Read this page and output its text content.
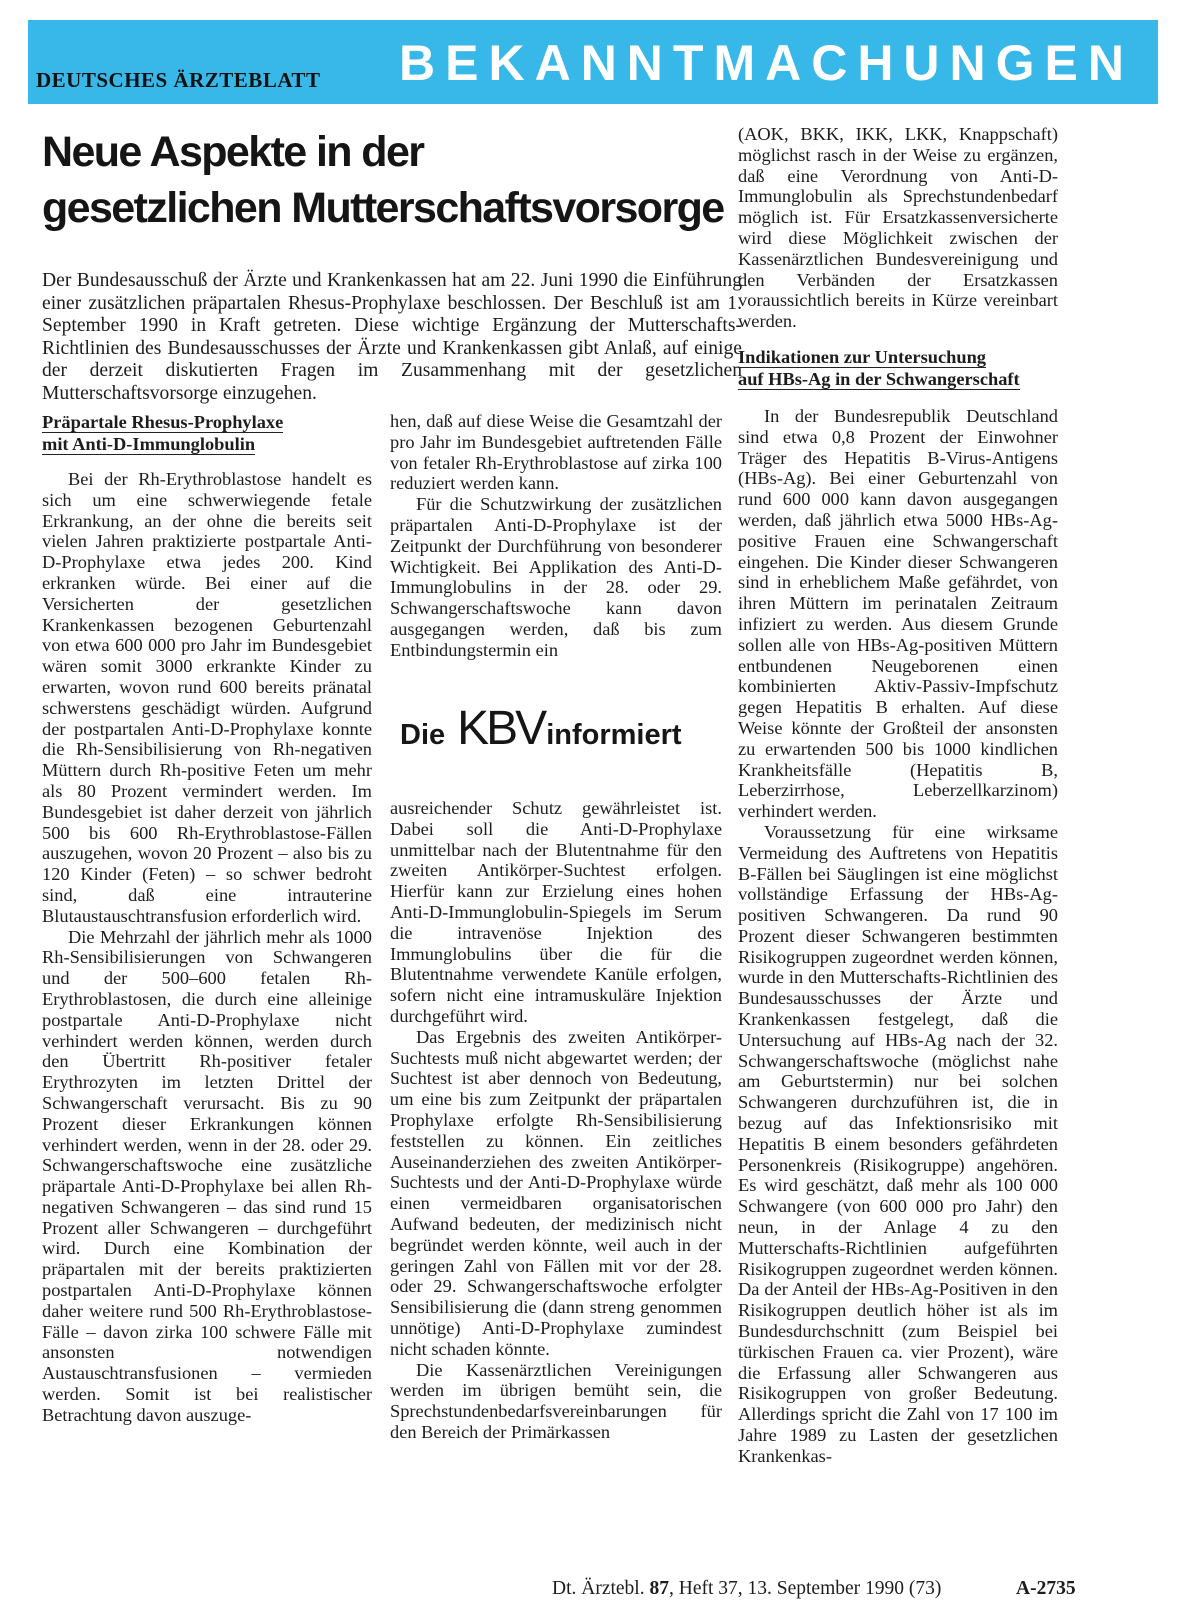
DEUTSCHES ÄRZTEBLATT BEKANNTMACHUNGEN
Neue Aspekte in der
gesetzlichen Mutterschaftsvorsorge

Der Bundesausschuß der Ärzte und Krankenkassen hat am 22. Juni 1990 die Einführung einer zusätzlichen präpartalen Rhesus-Prophylaxe beschlossen. Der Beschluß ist am 1. September 1990 in Kraft getreten. Diese wichtige Ergänzung der Mutterschafts-Richtlinien des Bundesausschusses der Ärzte und Krankenkassen gibt Anlaß, auf einige der derzeit diskutierten Fragen im Zusammenhang mit der gesetzlichen Mutterschaftsvorsorge einzugehen.

Präpartale Rhesus-Prophylaxe
mit Anti-D-Immunglobulin

Bei der Rh-Erythroblastose handelt es sich um eine schwerwiegende fetale Erkrankung, an der ohne die bereits seit vielen Jahren praktizierte postpartale Anti-D-Prophylaxe etwa jedes 200. Kind erkranken würde. Bei einer auf die Versicherten der gesetzlichen Krankenkassen bezogenen Geburtenzahl von etwa 600 000 pro Jahr im Bundesgebiet wären somit 3000 erkrankte Kinder zu erwarten, wovon rund 600 bereits pränatal schwerstens geschädigt würden. Aufgrund der postpartalen Anti-D-Prophylaxe konnte die Rh-Sensibilisierung von Rh-negativen Müttern durch Rh-positive Feten um mehr als 80 Prozent vermindert werden. Im Bundesgebiet ist daher derzeit von jährlich 500 bis 600 Rh-Erythroblastose-Fällen auszugehen, wovon 20 Prozent – also bis zu 120 Kinder (Feten) – so schwer bedroht sind, daß eine intrauterine Blutaustauschtransfusion erforderlich wird.

Die Mehrzahl der jährlich mehr als 1000 Rh-Sensibilisierungen von Schwangeren und der 500–600 fetalen Rh-Erythroblastosen, die durch eine alleinige postpartale Anti-D-Prophylaxe nicht verhindert werden können, werden durch den Übertritt Rh-positiver fetaler Erythrozyten im letzten Drittel der Schwangerschaft verursacht. Bis zu 90 Prozent dieser Erkrankungen können verhindert werden, wenn in der 28. oder 29. Schwangerschaftswoche eine zusätzliche präpartale Anti-D-Prophylaxe bei allen Rh-negativen Schwangeren – das sind rund 15 Prozent aller Schwangeren – durchgeführt wird. Durch eine Kombination der präpartalen mit der bereits praktizierten postpartalen Anti-D-Prophylaxe können daher weitere rund 500 Rh-Erythroblastose-Fälle – davon zirka 100 schwere Fälle mit ansonsten notwendigen Austauschtransfusionen – vermieden werden. Somit ist bei realistischer Betrachtung davon auszuge-

hen, daß auf diese Weise die Gesamtzahl der pro Jahr im Bundesgebiet auftretenden Fälle von fetaler Rh-Erythroblastose auf zirka 100 reduziert werden kann.

Für die Schutzwirkung der zusätzlichen präpartalen Anti-D-Prophylaxe ist der Zeitpunkt der Durchführung von besonderer Wichtigkeit. Bei Applikation des Anti-D-Immunglobulins in der 28. oder 29. Schwangerschaftswoche kann davon ausgegangen werden, daß bis zum Entbindungstermin ein

Die KBV informiert

ausreichender Schutz gewährleistet ist. Dabei soll die Anti-D-Prophylaxe unmittelbar nach der Blutentnahme für den zweiten Antikörper-Suchtest erfolgen. Hierfür kann zur Erzielung eines hohen Anti-D-Immunglobulin-Spiegels im Serum die intravenöse Injektion des Immunglobulins über die für die Blutentnahme verwendete Kanüle erfolgen, sofern nicht eine intramuskuläre Injektion durchgeführt wird.

Das Ergebnis des zweiten Antikörper-Suchtests muß nicht abgewartet werden; der Suchtest ist aber dennoch von Bedeutung, um eine bis zum Zeitpunkt der präpartalen Prophylaxe erfolgte Rh-Sensibilisierung feststellen zu können. Ein zeitliches Auseinanderziehen des zweiten Antikörper-Suchtests und der Anti-D-Prophylaxe würde einen vermeidbaren organisatorischen Aufwand bedeuten, der medizinisch nicht begründet werden könnte, weil auch in der geringen Zahl von Fällen mit vor der 28. oder 29. Schwangerschaftswoche erfolgter Sensibilisierung die (dann streng genommen unnötige) Anti-D-Prophylaxe zumindest nicht schaden könnte.

Die Kassenärztlichen Vereinigungen werden im übrigen bemüht sein, die Sprechstundenbedarfsvereinbarungen für den Bereich der Primärkassen

(AOK, BKK, IKK, LKK, Knappschaft) möglichst rasch in der Weise zu ergänzen, daß eine Verordnung von Anti-D-Immunglobulin als Sprechstundenbedarf möglich ist. Für Ersatzkassenversicherte wird diese Möglichkeit zwischen der Kassenärztlichen Bundesvereinigung und den Verbänden der Ersatzkassen voraussichtlich bereits in Kürze vereinbart werden.

Indikationen zur Untersuchung
auf HBs-Ag in der Schwangerschaft

In der Bundesrepublik Deutschland sind etwa 0,8 Prozent der Einwohner Träger des Hepatitis B-Virus-Antigens (HBs-Ag). Bei einer Geburtenzahl von rund 600 000 kann davon ausgegangen werden, daß jährlich etwa 5000 HBs-Ag-positive Frauen eine Schwangerschaft eingehen. Die Kinder dieser Schwangeren sind in erheblichem Maße gefährdet, von ihren Müttern im perinatalen Zeitraum infiziert zu werden. Aus diesem Grunde sollen alle von HBs-Ag-positiven Müttern entbundenen Neugeborenen einen kombinierten Aktiv-Passiv-Impfschutz gegen Hepatitis B erhalten. Auf diese Weise könnte der Großteil der ansonsten zu erwartenden 500 bis 1000 kindlichen Krankheitsfälle (Hepatitis B, Leberzirrhose, Leberzellkarzinom) verhindert werden.

Voraussetzung für eine wirksame Vermeidung des Auftretens von Hepatitis B-Fällen bei Säuglingen ist eine möglichst vollständige Erfassung der HBs-Ag-positiven Schwangeren. Da rund 90 Prozent dieser Schwangeren bestimmten Risikogruppen zugeordnet werden können, wurde in den Mutterschafts-Richtlinien des Bundesausschusses der Ärzte und Krankenkassen festgelegt, daß die Untersuchung auf HBs-Ag nach der 32. Schwangerschaftswoche (möglichst nahe am Geburtstermin) nur bei solchen Schwangeren durchzuführen ist, die in bezug auf das Infektionsrisiko mit Hepatitis B einem besonders gefährdeten Personenkreis (Risikogruppe) angehören. Es wird geschätzt, daß mehr als 100 000 Schwangere (von 600 000 pro Jahr) den neun, in der Anlage 4 zu den Mutterschafts-Richtlinien aufgeführten Risikogruppen zugeordnet werden können. Da der Anteil der HBs-Ag-Positiven in den Risikogruppen deutlich höher ist als im Bundesdurchschnitt (zum Beispiel bei türkischen Frauen ca. vier Prozent), wäre die Erfassung aller Schwangeren aus Risikogruppen von großer Bedeutung. Allerdings spricht die Zahl von 17 100 im Jahre 1989 zu Lasten der gesetzlichen Krankenkas-

Dt. Ärztebl. 87, Heft 37, 13. September 1990 (73)	A-2735
